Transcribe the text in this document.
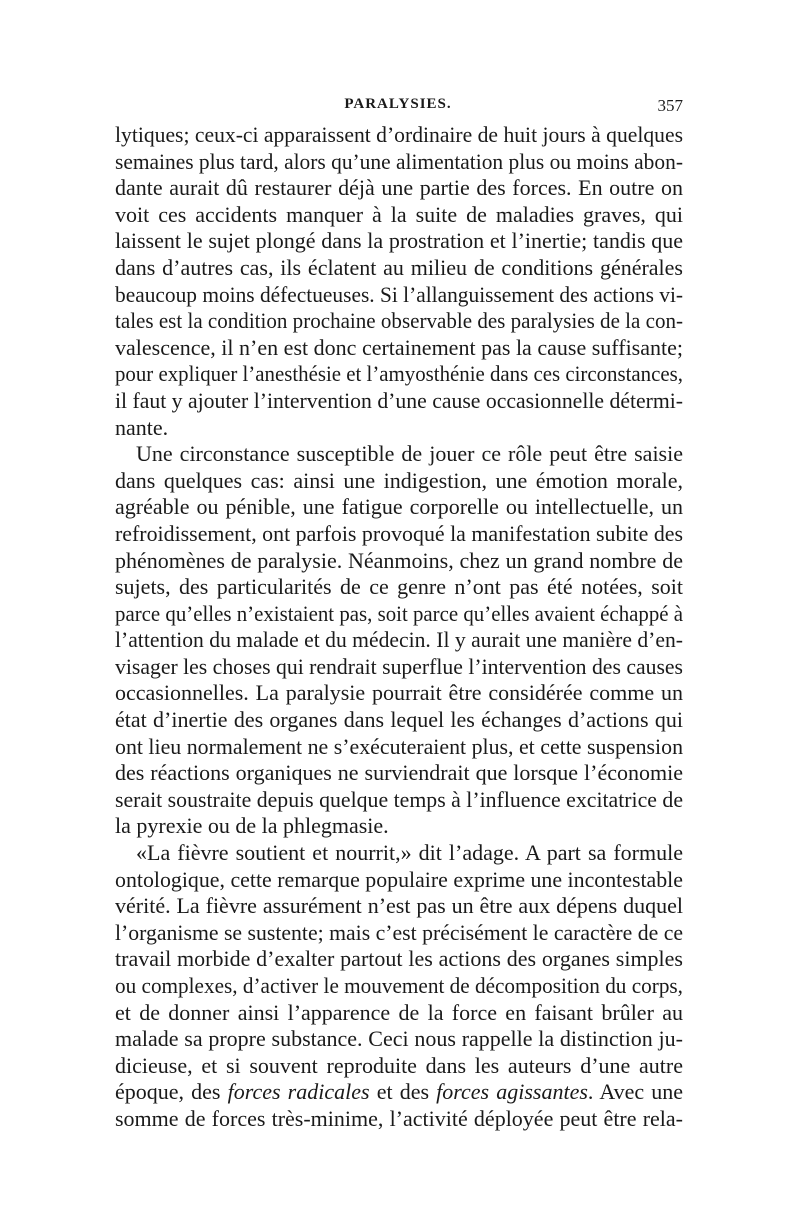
PARALYSIES.	357
lytiques; ceux-ci apparaissent d’ordinaire de huit jours à quelques
semaines plus tard, alors qu’une alimentation plus ou moins abon-
dante aurait dû restaurer déjà une partie des forces. En outre on
voit ces accidents manquer à la suite de maladies graves, qui
laissent le sujet plongé dans la prostration et l’inertie; tandis que
dans d’autres cas, ils éclatent au milieu de conditions générales
beaucoup moins défectueuses. Si l’allanguissement des actions vi-
tales est la condition prochaine observable des paralysies de la con-
valescence, il n’en est donc certainement pas la cause suffisante;
pour expliquer l’anesthésie et l’amyosthénie dans ces circonstances,
il faut y ajouter l’intervention d’une cause occasionnelle détermi-
nante.
Une circonstance susceptible de jouer ce rôle peut être saisie
dans quelques cas: ainsi une indigestion, une émotion morale,
agréable ou pénible, une fatigue corporelle ou intellectuelle, un
refroidissement, ont parfois provoqué la manifestation subite des
phénomènes de paralysie. Néanmoins, chez un grand nombre de
sujets, des particularités de ce genre n’ont pas été notées, soit
parce qu’elles n’existaient pas, soit parce qu’elles avaient échappé à
l’attention du malade et du médecin. Il y aurait une manière d’en-
visager les choses qui rendrait superflue l’intervention des causes
occasionnelles. La paralysie pourrait être considérée comme un
état d’inertie des organes dans lequel les échanges d’actions qui
ont lieu normalement ne s’exécuteraient plus, et cette suspension
des réactions organiques ne surviendrait que lorsque l’économie
serait soustraite depuis quelque temps à l’influence excitatrice de
la pyrexie ou de la phlegmasie.
«La fièvre soutient et nourrit,» dit l’adage. A part sa formule
ontologique, cette remarque populaire exprime une incontestable
vérité. La fièvre assurément n’est pas un être aux dépens duquel
l’organisme se sustente; mais c’est précisément le caractère de ce
travail morbide d’exalter partout les actions des organes simples
ou complexes, d’activer le mouvement de décomposition du corps,
et de donner ainsi l’apparence de la force en faisant brûler au
malade sa propre substance. Ceci nous rappelle la distinction ju-
dicieuse, et si souvent reproduite dans les auteurs d’une autre
époque, des forces radicales et des forces agissantes. Avec une
somme de forces très-minime, l’activité déployée peut être rela-
